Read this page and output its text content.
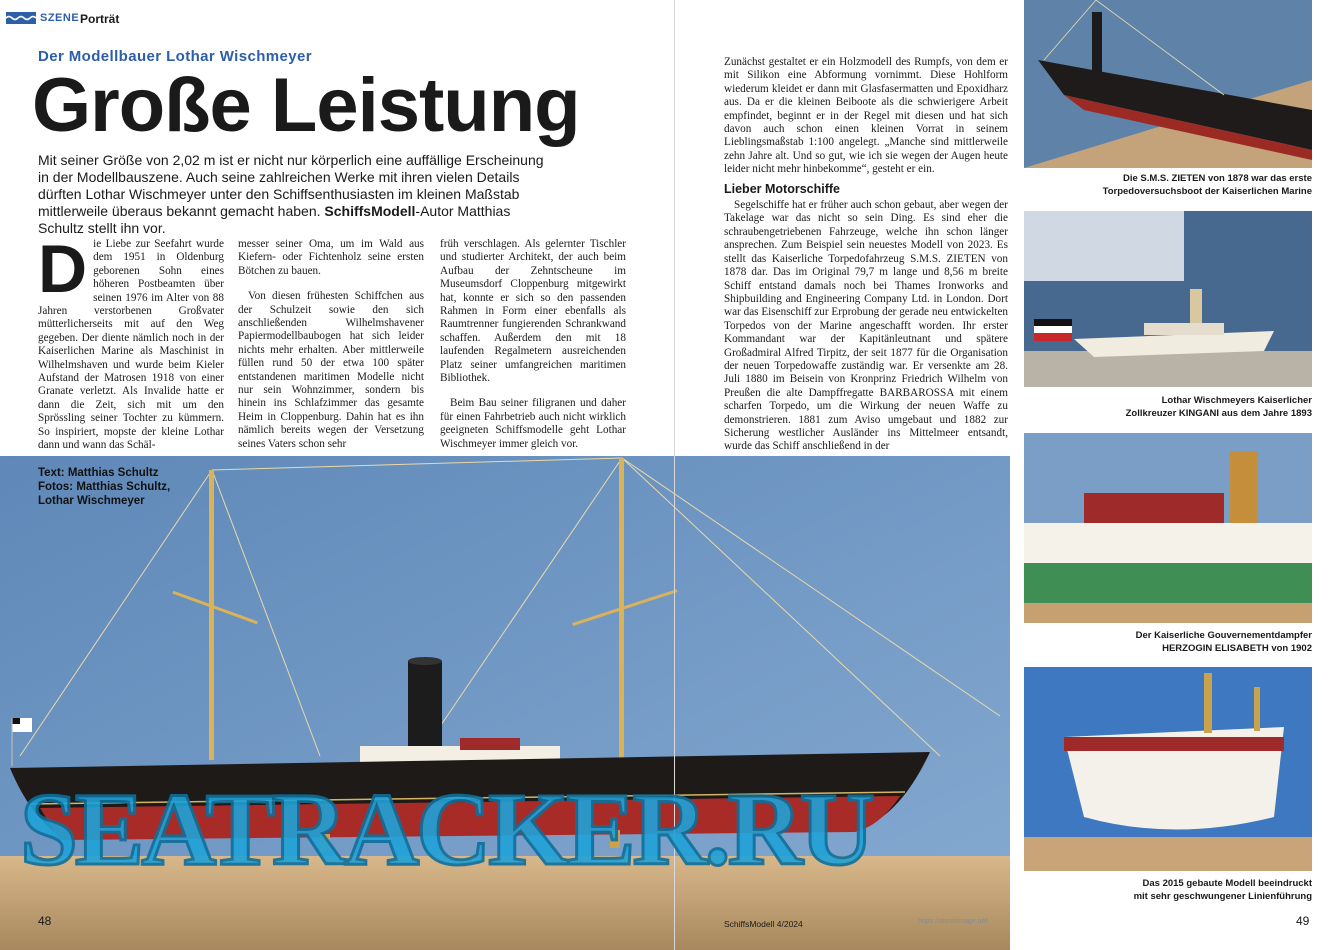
SZENE Porträt
Der Modellbauer Lothar Wischmeyer
Große Leistung
Mit seiner Größe von 2,02 m ist er nicht nur körperlich eine auffällige Erscheinung in der Modellbauszene. Auch seine zahlreichen Werke mit ihren vielen Details dürften Lothar Wischmeyer unter den Schiffsenthusiasten im kleinen Maßstab mittlerweile überaus bekannt gemacht haben. SchiffsModell-Autor Matthias Schultz stellt ihn vor.

Die Liebe zur Seefahrt wurde dem 1951 in Oldenburg geborenen Sohn eines höheren Postbeamten über seinen 1976 im Alter von 88 Jahren verstorbenen Großvater mütterlicherseits mit auf den Weg gegeben. Der diente nämlich noch in der Kaiserlichen Marine als Maschinist in Wilhelmshaven und wurde beim Kieler Aufstand der Matrosen 1918 von einer Granate verletzt. Als Invalide hatte er dann die Zeit, sich mit um den Sprössling seiner Tochter zu kümmern. So inspiriert, mopste der kleine Lothar dann und wann das Schäl-

messer seiner Oma, um im Wald aus Kiefern- oder Fichtenholz seine ersten Bötchen zu bauen.

Von diesen frühesten Schiffchen aus der Schulzeit sowie den sich anschließenden Wilhelmshavener Papiermodellbaubogen hat sich leider nichts mehr erhalten. Aber mittlerweile füllen rund 50 der etwa 100 später entstandenen maritimen Modelle nicht nur sein Wohnzimmer, sondern bis hinein ins Schlafzimmer das gesamte Heim in Cloppenburg. Dahin hat es ihn nämlich bereits wegen der Versetzung seines Vaters schon sehr

früh verschlagen. Als gelernter Tischler und studierter Architekt, der auch beim Aufbau der Zehntscheune im Museumsdorf Cloppenburg mitgewirkt hat, konnte er sich so den passenden Rahmen in Form einer ebenfalls als Raumtrenner fungierenden Schrankwand schaffen. Außerdem den mit 18 laufenden Regalmetern ausreichenden Platz seiner umfangreichen maritimen Bibliothek.

Beim Bau seiner filigranen und daher für einen Fahrbetrieb auch nicht wirklich geeigneten Schiffsmodelle geht Lothar Wischmeyer immer gleich vor.

Zunächst gestaltet er ein Holzmodell des Rumpfs, von dem er mit Silikon eine Abformung vornimmt. Diese Hohlform wiederum kleidet er dann mit Glasfasermatten und Epoxidharz aus. Da er die kleinen Beiboote als die schwierigere Arbeit empfindet, beginnt er in der Regel mit diesen und hat sich davon auch schon einen kleinen Vorrat in seinem Lieblingsmaßstab 1:100 angelegt. „Manche sind mittlerweile zehn Jahre alt. Und so gut, wie ich sie wegen der Augen heute leider nicht mehr hinbekomme“, gesteht er ein.

Lieber Motorschiffe

Segelschiffe hat er früher auch schon gebaut, aber wegen der Takelage war das nicht so sein Ding. Es sind eher die schraubengetriebenen Fahrzeuge, welche ihn schon länger ansprechen. Zum Beispiel sein neuestes Modell von 2023. Es stellt das Kaiserliche Torpedofahrzeug S.M.S. ZIETEN von 1878 dar. Das im Original 79,7 m lange und 8,56 m breite Schiff entstand damals noch bei Thames Ironworks and Shipbuilding and Engineering Company Ltd. in London. Dort war das Eisenschiff zur Erprobung der gerade neu entwickelten Torpedos von der Marine angeschafft worden. Ihr erster Kommandant war der Kapitänleutnant und spätere Großadmiral Alfred Tirpitz, der seit 1877 für die Organisation der neuen Torpedowaffe zuständig war. Er versenkte am 28. Juli 1880 im Beisein von Kronprinz Friedrich Wilhelm von Preußen die alte Dampffregatte BARBAROSSA mit einem scharfen Torpedo, um die Wirkung der neuen Waffe zu demonstrieren. 1881 zum Aviso umgebaut und 1882 zur Sicherung westlicher Ausländer ins Mittelmeer entsandt, wurde das Schiff anschließend in der

Text: Matthias Schultz
Fotos: Matthias Schultz,
Lothar Wischmeyer
Die S.M.S. ZIETEN von 1878 war das erste
Torpedoversuchsboot der Kaiserlichen Marine
Lothar Wischmeyers Kaiserlicher
Zollkreuzer KINGANI aus dem Jahre 1893
Der Kaiserliche Gouvernementdampfer
HERZOGIN ELISABETH von 1902
Das 2015 gebaute Modell beeindruckt
mit sehr geschwungener Linienführung
SEATRACKER.RU
48	49
SchiffsModell 4/2024	https://storatimage.net
